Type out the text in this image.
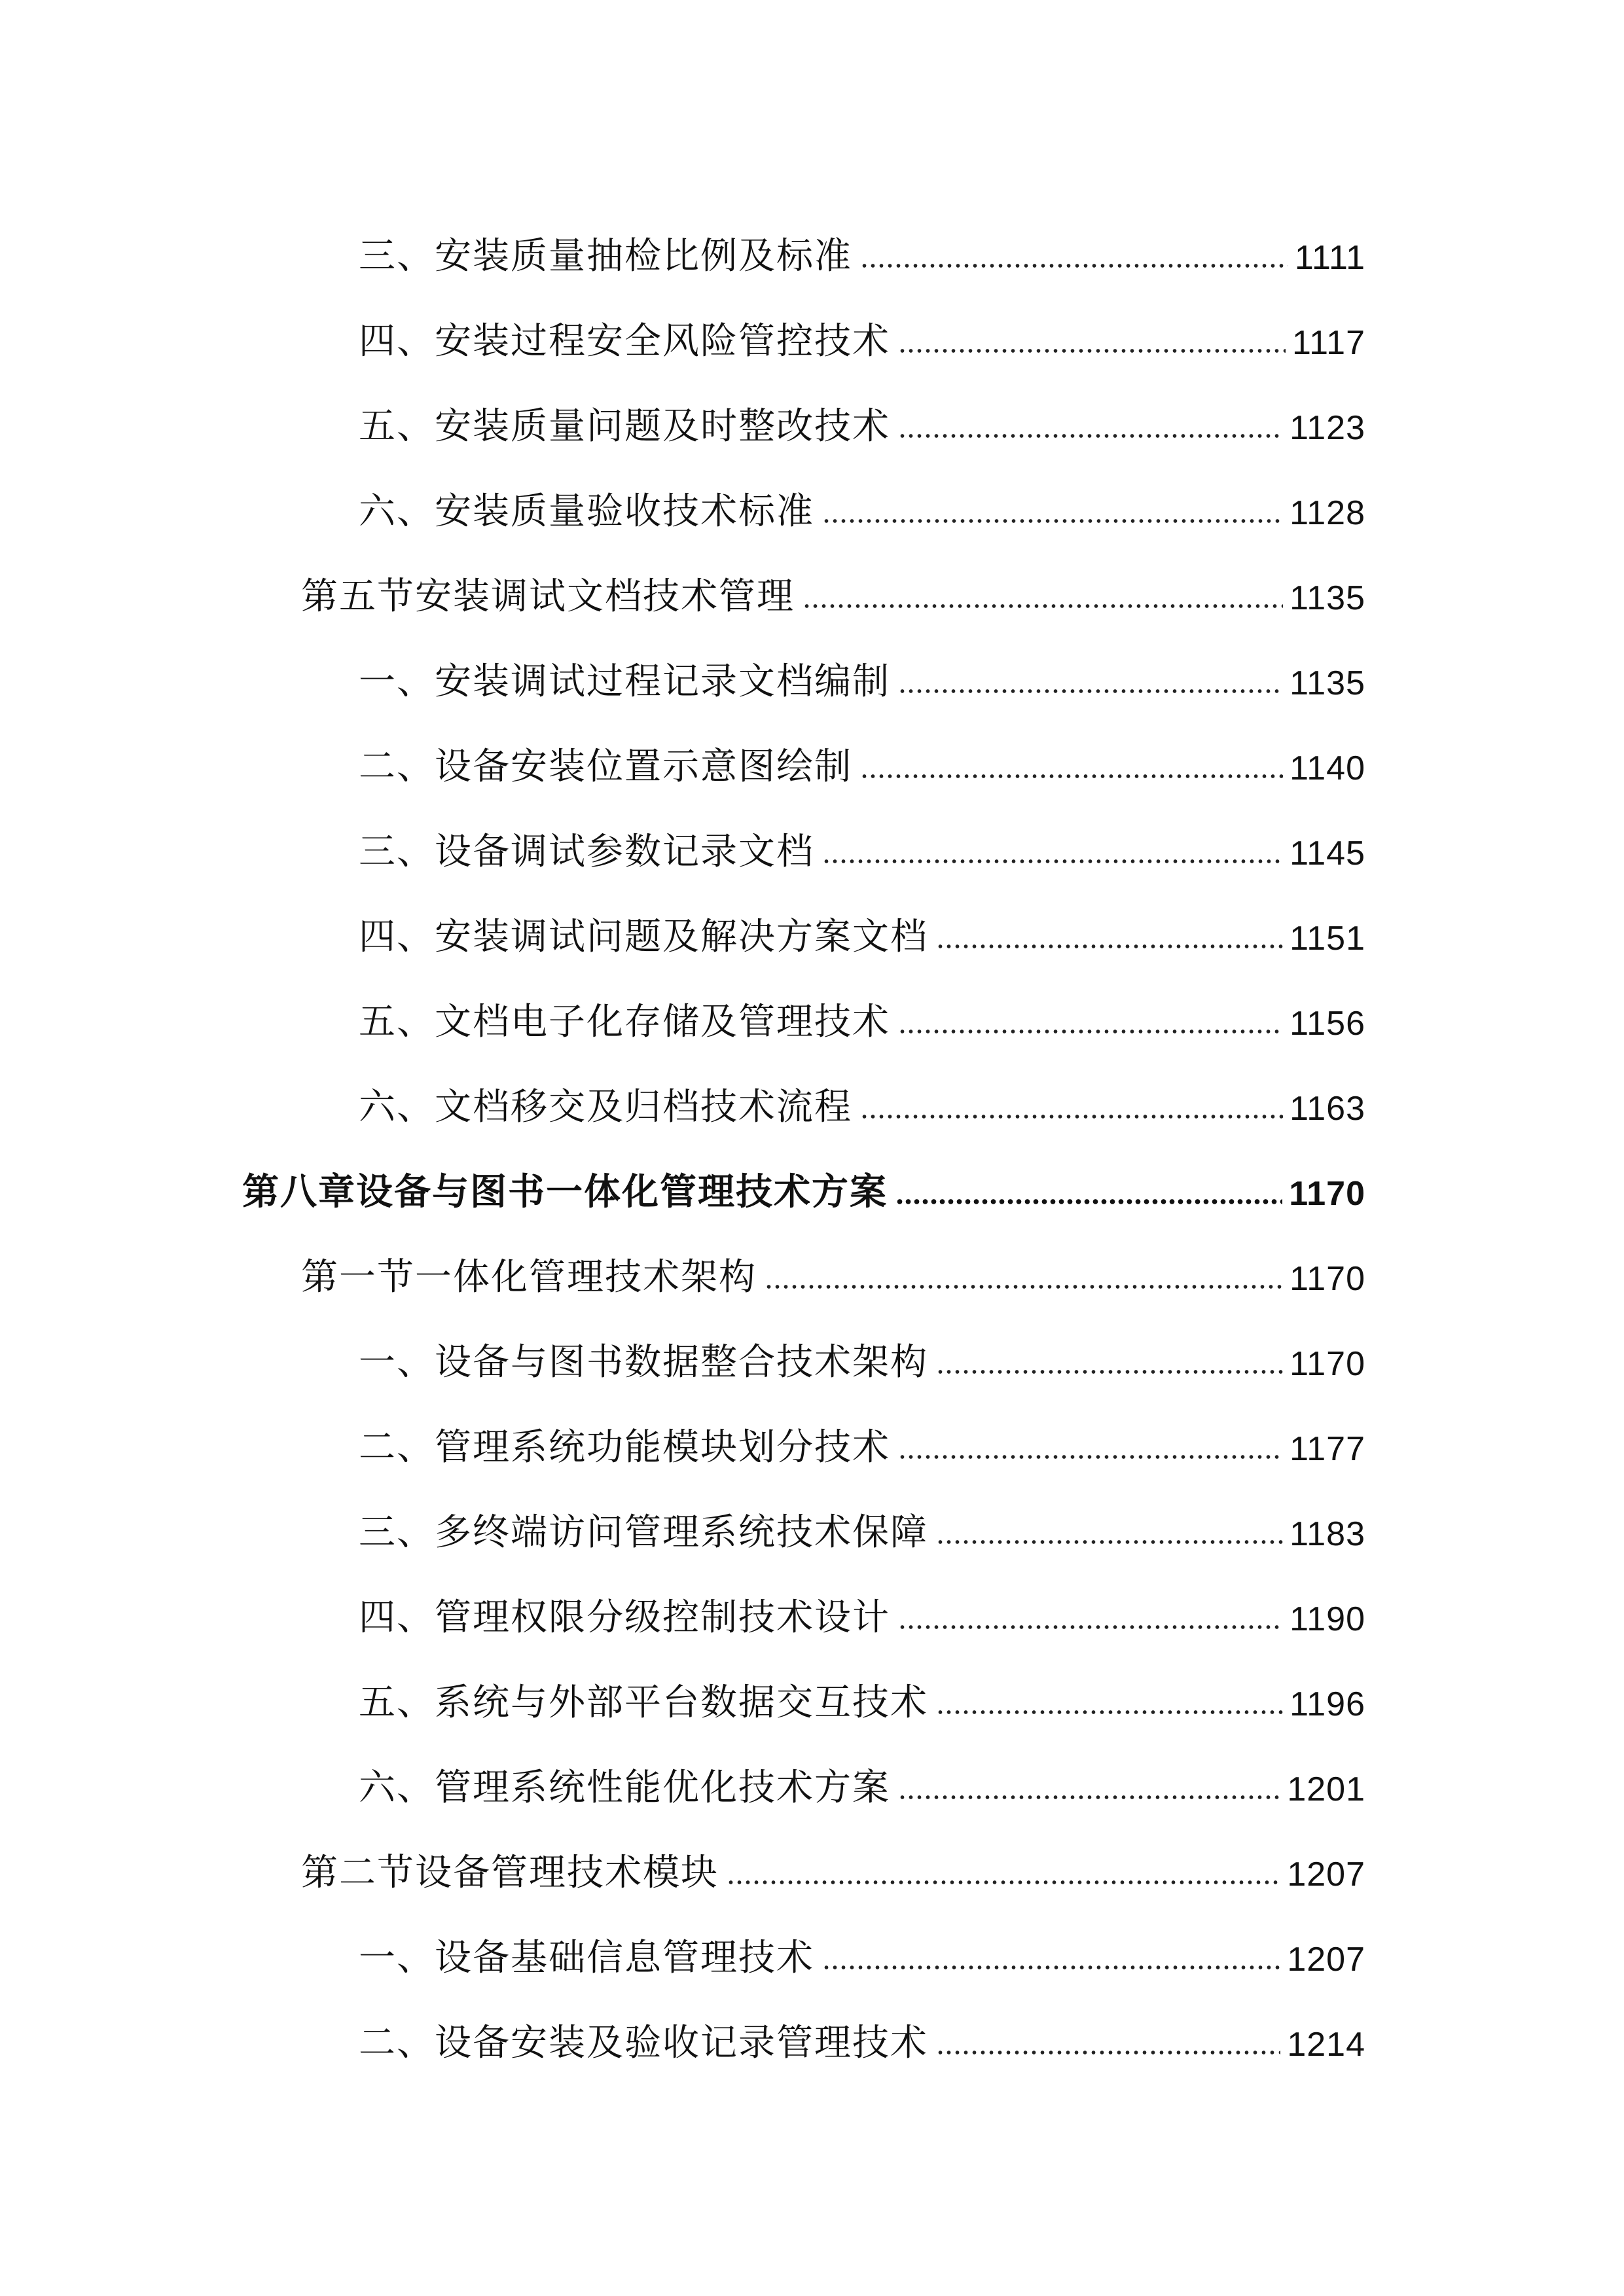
三、安装质量抽检比例及标准	1111
四、安装过程安全风险管控技术	1117
五、安装质量问题及时整改技术	1123
六、安装质量验收技术标准	1128
第五节安装调试文档技术管理	1135
一、安装调试过程记录文档编制	1135
二、设备安装位置示意图绘制	1140
三、设备调试参数记录文档	1145
四、安装调试问题及解决方案文档	1151
五、文档电子化存储及管理技术	1156
六、文档移交及归档技术流程	1163
第八章设备与图书一体化管理技术方案	1170
第一节一体化管理技术架构	1170
一、设备与图书数据整合技术架构	1170
二、管理系统功能模块划分技术	1177
三、多终端访问管理系统技术保障	1183
四、管理权限分级控制技术设计	1190
五、系统与外部平台数据交互技术	1196
六、管理系统性能优化技术方案	1201
第二节设备管理技术模块	1207
一、设备基础信息管理技术	1207
二、设备安装及验收记录管理技术	1214
